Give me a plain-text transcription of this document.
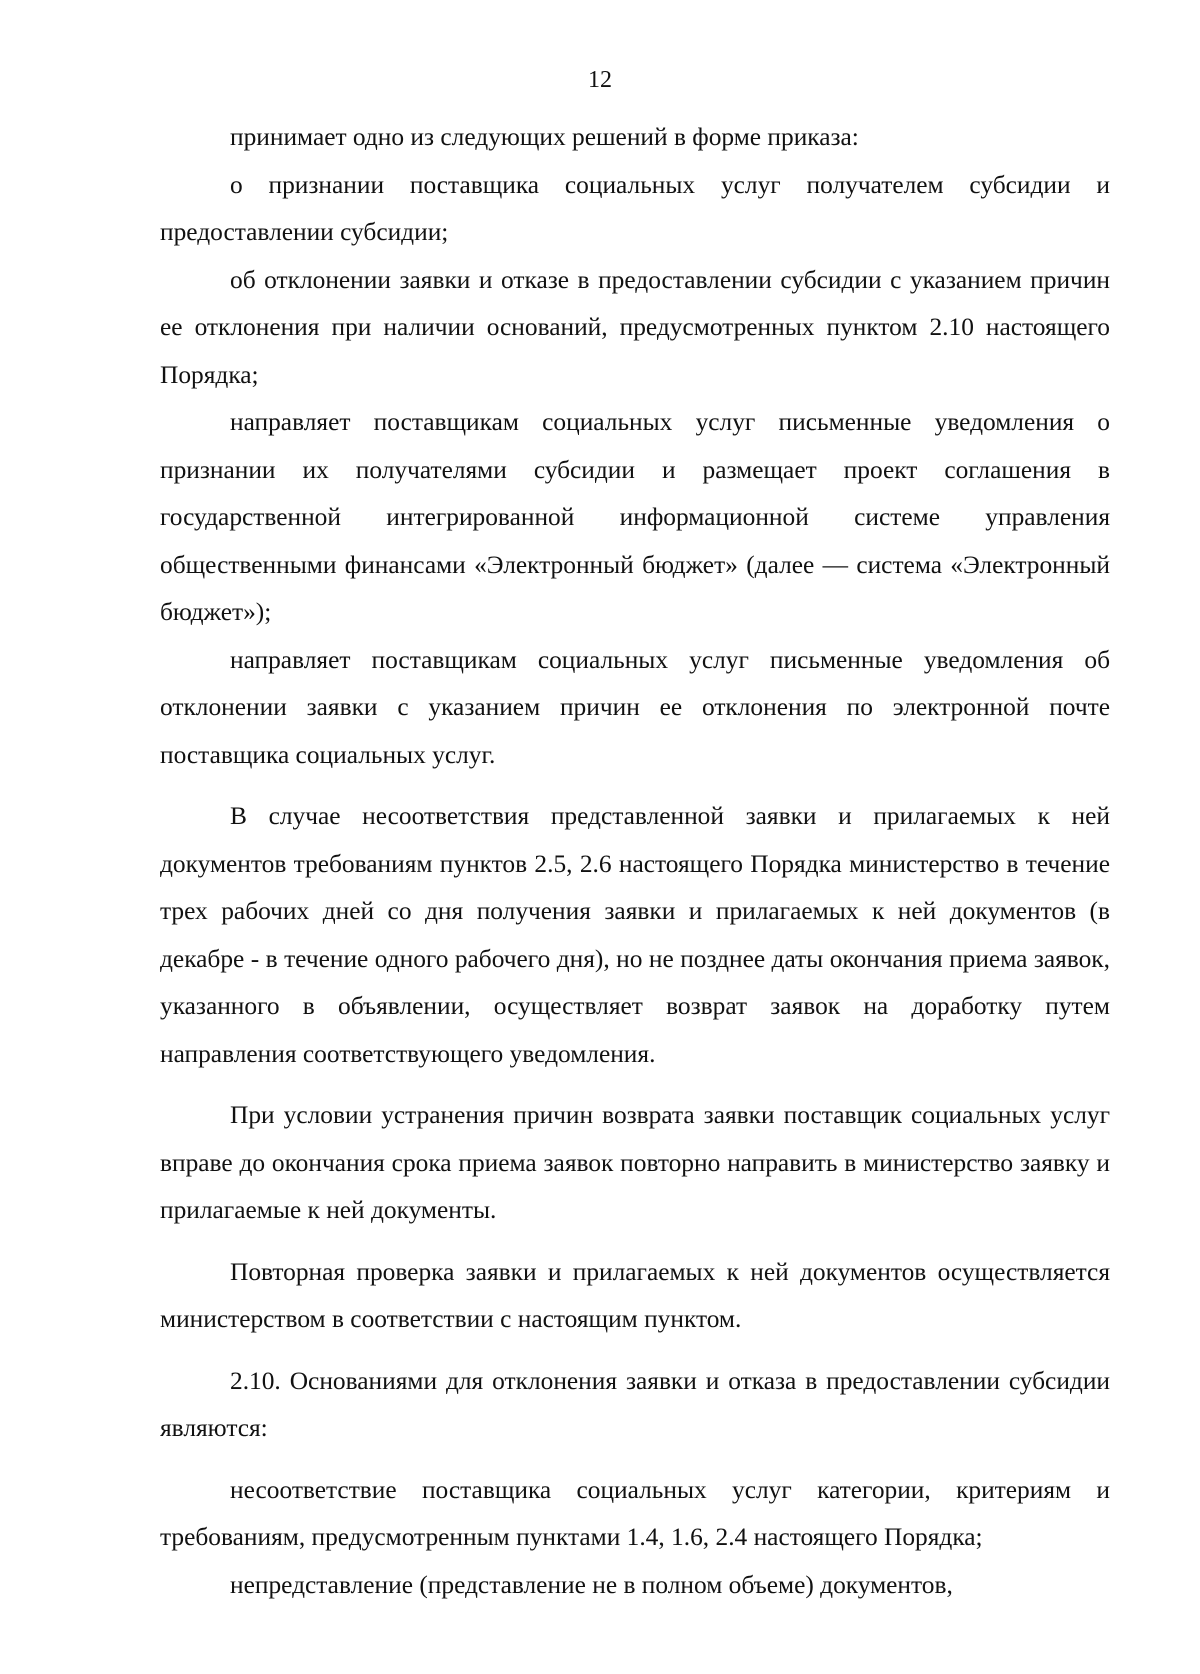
12

принимает одно из следующих решений в форме приказа:

о признании поставщика социальных услуг получателем субсидии и предоставлении субсидии;

об отклонении заявки и отказе в предоставлении субсидии с указанием причин ее отклонения при наличии оснований, предусмотренных пунктом 2.10 настоящего Порядка;

направляет поставщикам социальных услуг письменные уведомления о признании их получателями субсидии и размещает проект соглашения в государственной интегрированной информационной системе управления общественными финансами «Электронный бюджет» (далее — система «Электронный бюджет»);

направляет поставщикам социальных услуг письменные уведомления об отклонении заявки с указанием причин ее отклонения по электронной почте поставщика социальных услуг.

В случае несоответствия представленной заявки и прилагаемых к ней документов требованиям пунктов 2.5, 2.6 настоящего Порядка министерство в течение трех рабочих дней со дня получения заявки и прилагаемых к ней документов (в декабре - в течение одного рабочего дня), но не позднее даты окончания приема заявок, указанного в объявлении, осуществляет возврат заявок на доработку путем направления соответствующего уведомления.

При условии устранения причин возврата заявки поставщик социальных услуг вправе до окончания срока приема заявок повторно направить в министерство заявку и прилагаемые к ней документы.

Повторная проверка заявки и прилагаемых к ней документов осуществляется министерством в соответствии с настоящим пунктом.

2.10. Основаниями для отклонения заявки и отказа в предоставлении субсидии являются:

несоответствие поставщика социальных услуг категории, критериям и требованиям, предусмотренным пунктами 1.4, 1.6, 2.4 настоящего Порядка;

непредставление (представление не в полном объеме) документов,
